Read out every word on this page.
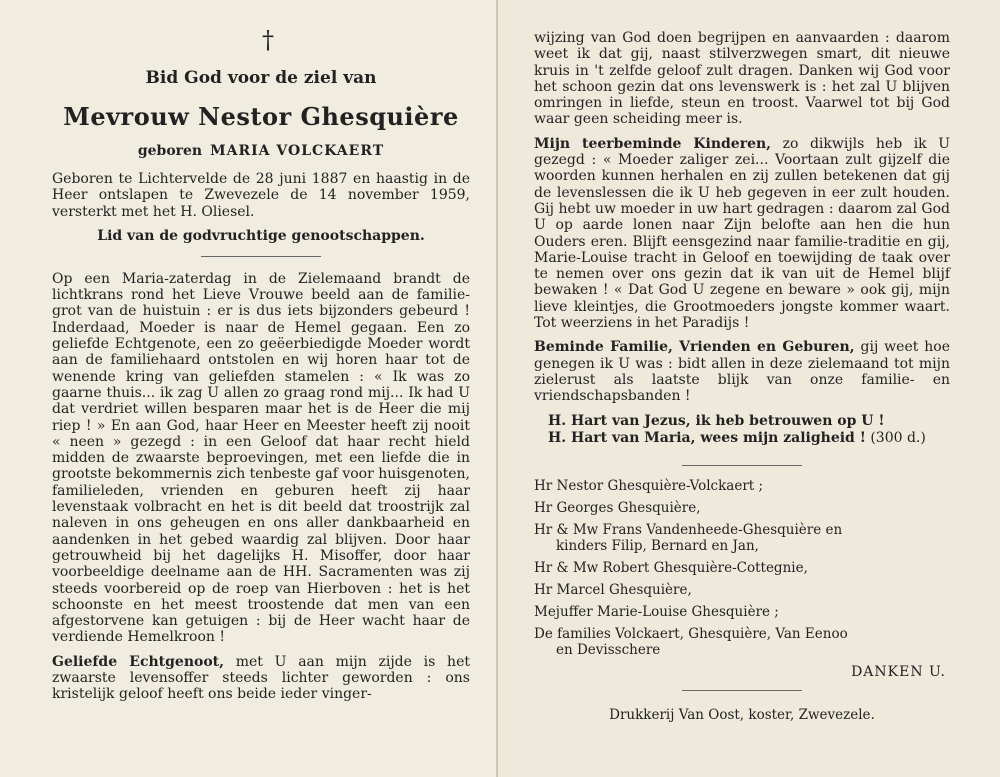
†
Bid God voor de ziel van
Mevrouw Nestor Ghesquière
geboren MARIA VOLCKAERT

Geboren te Lichtervelde de 28 juni 1887 en haastig in de Heer ontslapen te Zwevezele de 14 november 1959, versterkt met het H. Oliesel.

Lid van de godvruchtige genootschappen.

Op een Maria-zaterdag in de Zielemaand brandt de lichtkrans rond het Lieve Vrouwe beeld aan de familie-grot van de huistuin : er is dus iets bijzonders gebeurd ! Inderdaad, Moeder is naar de Hemel gegaan. Een zo geliefde Echtgenote, een zo geëerbiedigde Moeder wordt aan de familiehaard ontstolen en wij horen haar tot de wenende kring van geliefden stamelen : « Ik was zo gaarne thuis... ik zag U allen zo graag rond mij... Ik had U dat verdriet willen besparen maar het is de Heer die mij riep ! » En aan God, haar Heer en Meester heeft zij nooit « neen » gezegd : in een Geloof dat haar recht hield midden de zwaarste beproevingen, met een liefde die in grootste bekommernis zich tenbeste gaf voor huisgenoten, familieleden, vrienden en geburen heeft zij haar levenstaak volbracht en het is dit beeld dat troostrijk zal naleven in ons geheugen en ons aller dankbaarheid en aandenken in het gebed waardig zal blijven. Door haar getrouwheid bij het dagelijks H. Misoffer, door haar voorbeeldige deelname aan de HH. Sacramenten was zij steeds voorbereid op de roep van Hierboven : het is het schoonste en het meest troostende dat men van een afgestorvene kan getuigen : bij de Heer wacht haar de verdiende Hemelkroon !

Geliefde Echtgenoot, met U aan mijn zijde is het zwaarste levensoffer steeds lichter geworden : ons kristelijk geloof heeft ons beide ieder vinger-

wijzing van God doen begrijpen en aanvaarden : daarom weet ik dat gij, naast stilverzwegen smart, dit nieuwe kruis in 't zelfde geloof zult dragen. Danken wij God voor het schoon gezin dat ons levenswerk is : het zal U blijven omringen in liefde, steun en troost. Vaarwel tot bij God waar geen scheiding meer is.

Mijn teerbeminde Kinderen, zo dikwijls heb ik U gezegd : « Moeder zaliger zei... Voortaan zult gijzelf die woorden kunnen herhalen en zij zullen betekenen dat gij de levenslessen die ik U heb gegeven in eer zult houden. Gij hebt uw moeder in uw hart gedragen : daarom zal God U op aarde lonen naar Zijn belofte aan hen die hun Ouders eren. Blijft eensgezind naar familie-traditie en gij, Marie-Louise tracht in Geloof en toewijding de taak over te nemen over ons gezin dat ik van uit de Hemel blijf bewaken ! « Dat God U zegene en beware » ook gij, mijn lieve kleintjes, die Grootmoeders jongste kommer waart. Tot weerziens in het Paradijs !

Beminde Familie, Vrienden en Geburen, gij weet hoe genegen ik U was : bidt allen in deze zielemaand tot mijn zielerust als laatste blijk van onze familie- en vriendschapsbanden !

H. Hart van Jezus, ik heb betrouwen op U !
H. Hart van Maria, wees mijn zaligheid ! (300 d.)
Hr Nestor Ghesquière-Volckaert ;
Hr Georges Ghesquière,
Hr & Mw Frans Vandenheede-Ghesquière en
kinders Filip, Bernard en Jan,
Hr & Mw Robert Ghesquière-Cottegnie,
Hr Marcel Ghesquière,
Mejuffer Marie-Louise Ghesquière ;
De families Volckaert, Ghesquière, Van Eenoo
en Devisschere
DANKEN U.
Drukkerij Van Oost, koster, Zwevezele.
